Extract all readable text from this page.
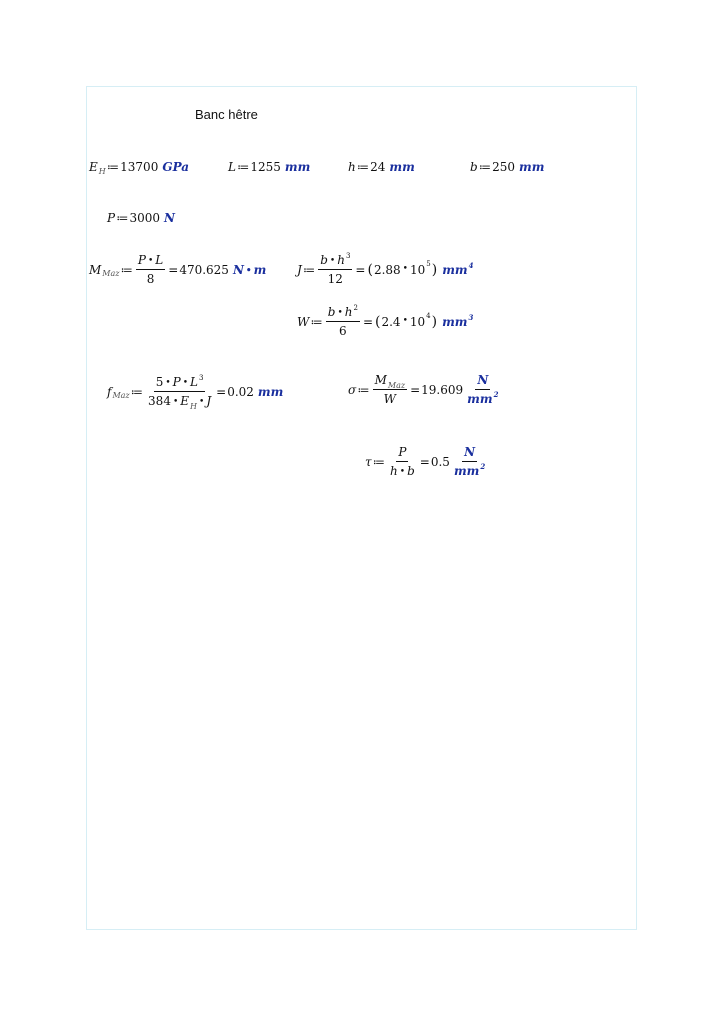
Banc hêtre
E H ≔ 13700 GPa	L ≔ 1255 mm	h ≔ 24 mm	b ≔ 250 mm
P ≔ 3000 N
M Maz ≔ $\frac{P • L}{8} = 470.625$ N • m	J ≔ $\frac{b • h^3}{12}$ = ( 2.88 • 10 5 ) $mm^4$
W ≔ $\frac{b • h^2}{6}$ = ( 2.4 • 10 4 ) $mm^3$
f Maz ≔ $\frac{5 • P • L^3}{384 • E_H • J} = 0.02$ mm	σ ≔ $\frac{M_{Maz}}{W} = 19.609 \frac{N}{mm^2}$
τ ≔ $\frac{P}{h • b} = 0.5 \frac{N}{mm^2}$
